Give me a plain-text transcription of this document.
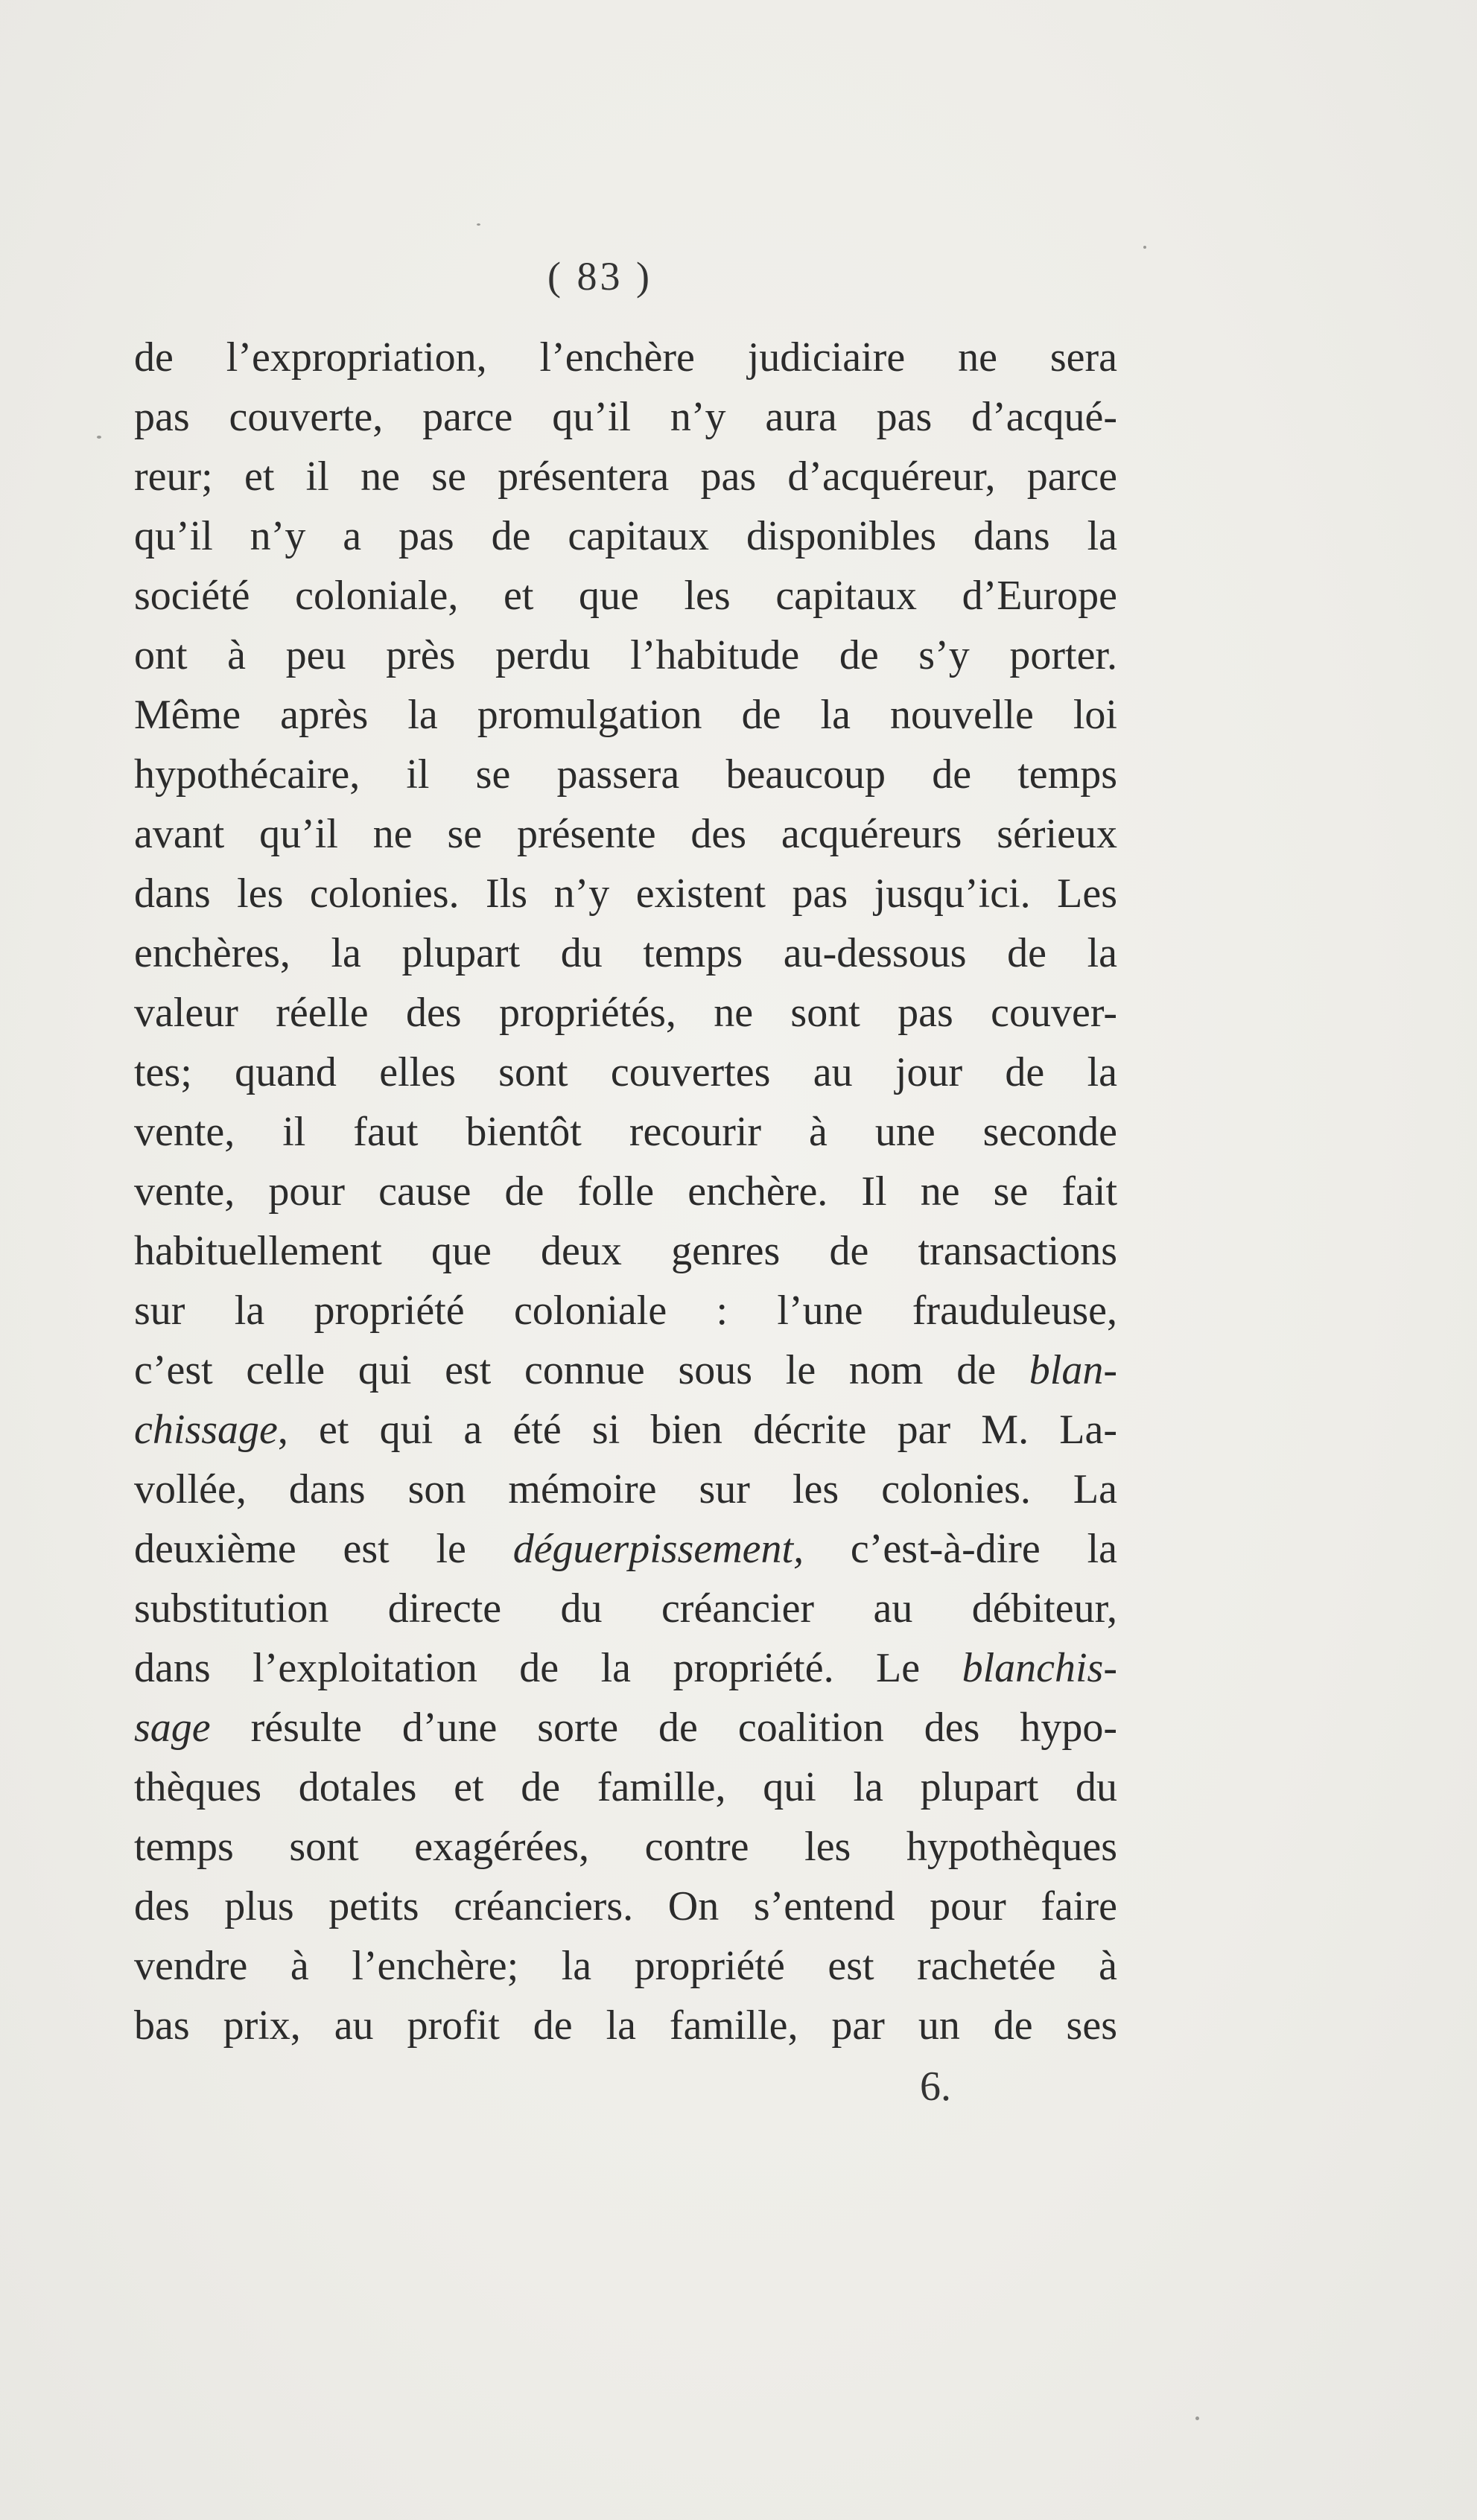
( 83 )
de l’expropriation, l’enchère judiciaire ne sera
pas couverte, parce qu’il n’y aura pas d’acqué-
reur; et il ne se présentera pas d’acquéreur, parce
qu’il n’y a pas de capitaux disponibles dans la
société coloniale, et que les capitaux d’Europe
ont à peu près perdu l’habitude de s’y porter.
Même après la promulgation de la nouvelle loi
hypothécaire, il se passera beaucoup de temps
avant qu’il ne se présente des acquéreurs sérieux
dans les colonies. Ils n’y existent pas jusqu’ici. Les
enchères, la plupart du temps au-dessous de la
valeur réelle des propriétés, ne sont pas couver-
tes; quand elles sont couvertes au jour de la
vente, il faut bientôt recourir à une seconde
vente, pour cause de folle enchère. Il ne se fait
habituellement que deux genres de transactions
sur la propriété coloniale : l’une frauduleuse,
c’est celle qui est connue sous le nom de blan-
chissage, et qui a été si bien décrite par M. La-
vollée, dans son mémoire sur les colonies. La
deuxième est le déguerpissement, c’est-à-dire la
substitution directe du créancier au débiteur,
dans l’exploitation de la propriété. Le blanchis-
sage résulte d’une sorte de coalition des hypo-
thèques dotales et de famille, qui la plupart du
temps sont exagérées, contre les hypothèques
des plus petits créanciers. On s’entend pour faire
vendre à l’enchère; la propriété est rachetée à
bas prix, au profit de la famille, par un de ses
6.
